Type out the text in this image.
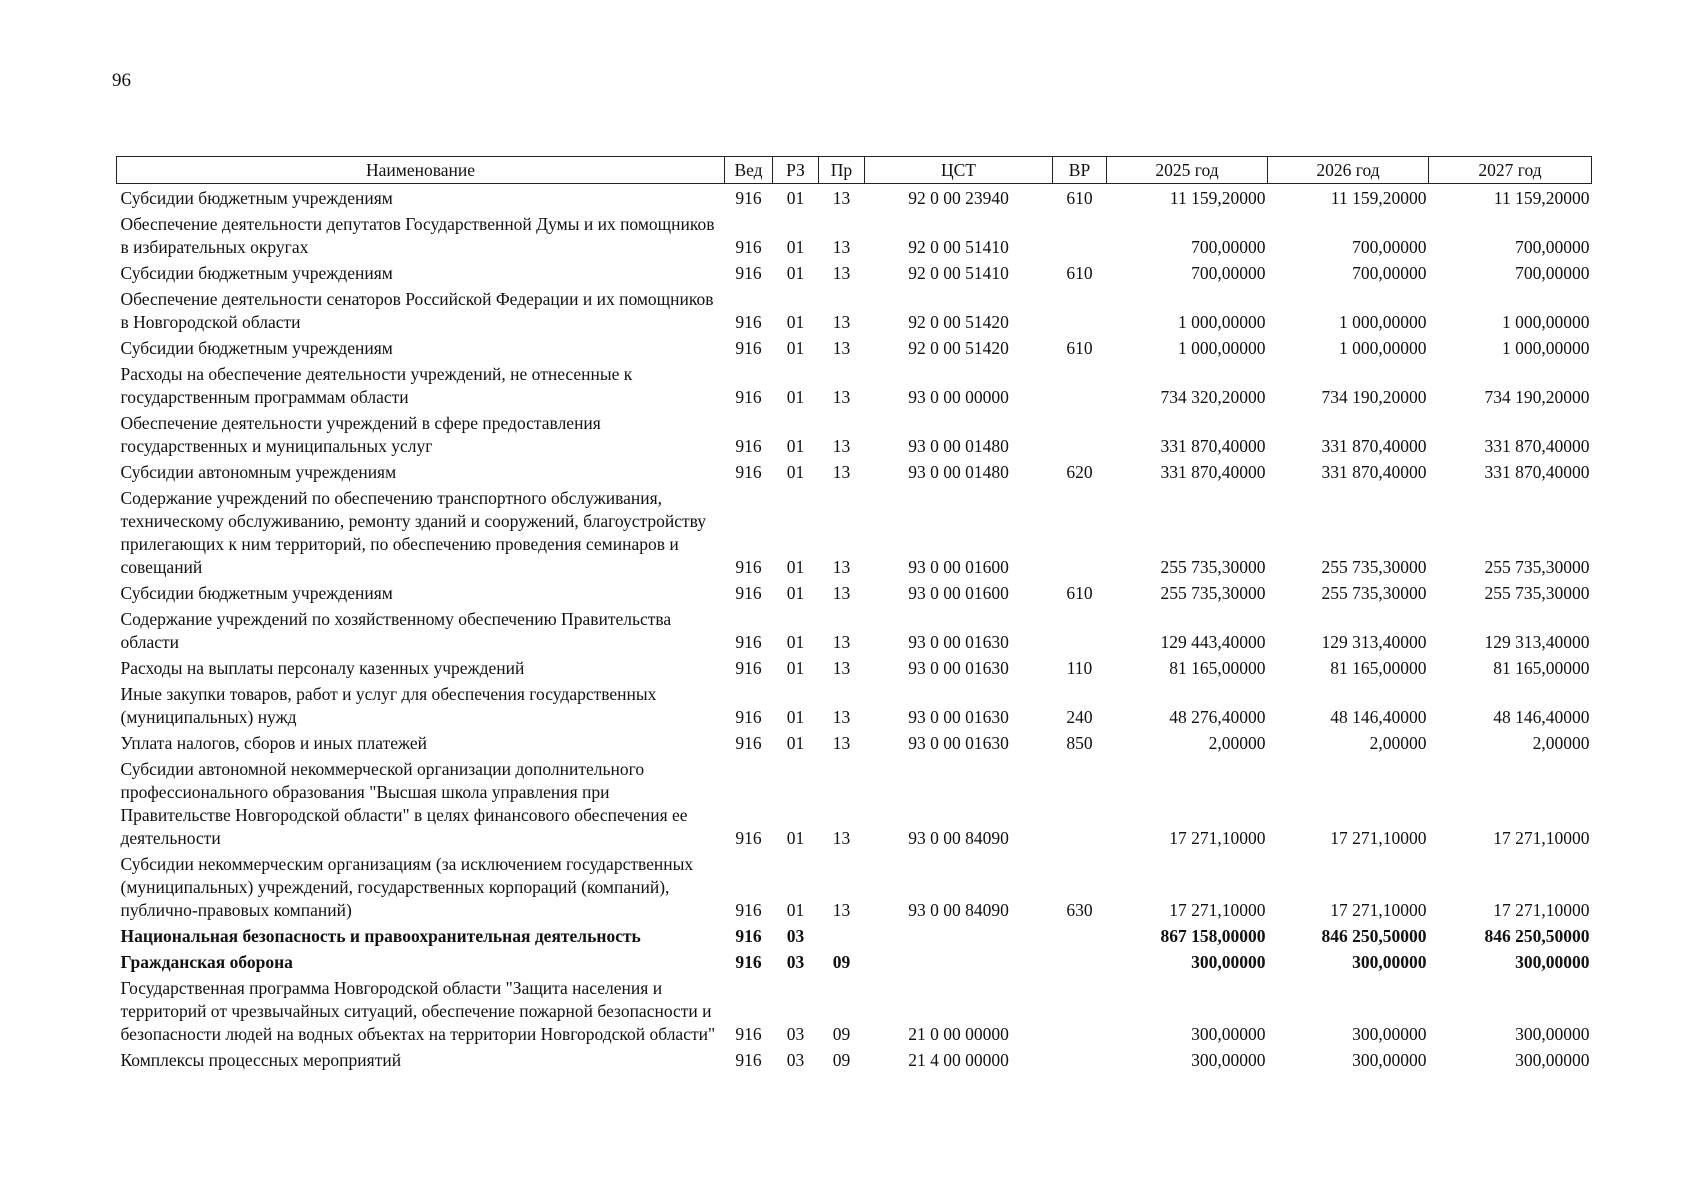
96
Наименование	Вед	РЗ	Пр	ЦСТ	ВР	2025 год	2026 год	2027 год
Субсидии бюджетным учреждениям	916	01	13	92 0 00 23940	610	11 159,20000	11 159,20000	11 159,20000
Обеспечение деятельности депутатов Государственной Думы и их помощников в избирательных округах	916	01	13	92 0 00 51410		700,00000	700,00000	700,00000
Субсидии бюджетным учреждениям	916	01	13	92 0 00 51410	610	700,00000	700,00000	700,00000
Обеспечение деятельности сенаторов Российской Федерации и их помощников в Новгородской области	916	01	13	92 0 00 51420		1 000,00000	1 000,00000	1 000,00000
Субсидии бюджетным учреждениям	916	01	13	92 0 00 51420	610	1 000,00000	1 000,00000	1 000,00000
Расходы на обеспечение деятельности учреждений, не отнесенные к государственным программам области	916	01	13	93 0 00 00000		734 320,20000	734 190,20000	734 190,20000
Обеспечение деятельности учреждений в сфере предоставления государственных и муниципальных услуг	916	01	13	93 0 00 01480		331 870,40000	331 870,40000	331 870,40000
Субсидии автономным учреждениям	916	01	13	93 0 00 01480	620	331 870,40000	331 870,40000	331 870,40000
Содержание учреждений по обеспечению транспортного обслуживания, техническому обслуживанию, ремонту зданий и сооружений, благоустройству прилегающих к ним территорий, по обеспечению проведения семинаров и совещаний	916	01	13	93 0 00 01600		255 735,30000	255 735,30000	255 735,30000
Субсидии бюджетным учреждениям	916	01	13	93 0 00 01600	610	255 735,30000	255 735,30000	255 735,30000
Содержание учреждений по хозяйственному обеспечению Правительства области	916	01	13	93 0 00 01630		129 443,40000	129 313,40000	129 313,40000
Расходы на выплаты персоналу казенных учреждений	916	01	13	93 0 00 01630	110	81 165,00000	81 165,00000	81 165,00000
Иные закупки товаров, работ и услуг для обеспечения государственных (муниципальных) нужд	916	01	13	93 0 00 01630	240	48 276,40000	48 146,40000	48 146,40000
Уплата налогов, сборов и иных платежей	916	01	13	93 0 00 01630	850	2,00000	2,00000	2,00000
Субсидии автономной некоммерческой организации дополнительного профессионального образования "Высшая школа управления при Правительстве Новгородской области" в целях финансового обеспечения ее деятельности	916	01	13	93 0 00 84090		17 271,10000	17 271,10000	17 271,10000
Субсидии некоммерческим организациям (за исключением государственных (муниципальных) учреждений, государственных корпораций (компаний), публично-правовых компаний)	916	01	13	93 0 00 84090	630	17 271,10000	17 271,10000	17 271,10000
Национальная безопасность и правоохранительная деятельность	916	03				867 158,00000	846 250,50000	846 250,50000
Гражданская оборона	916	03	09			300,00000	300,00000	300,00000
Государственная программа Новгородской области "Защита населения и территорий от чрезвычайных ситуаций, обеспечение пожарной безопасности и безопасности людей на водных объектах на территории Новгородской области"	916	03	09	21 0 00 00000		300,00000	300,00000	300,00000
Комплексы процессных мероприятий	916	03	09	21 4 00 00000		300,00000	300,00000	300,00000
